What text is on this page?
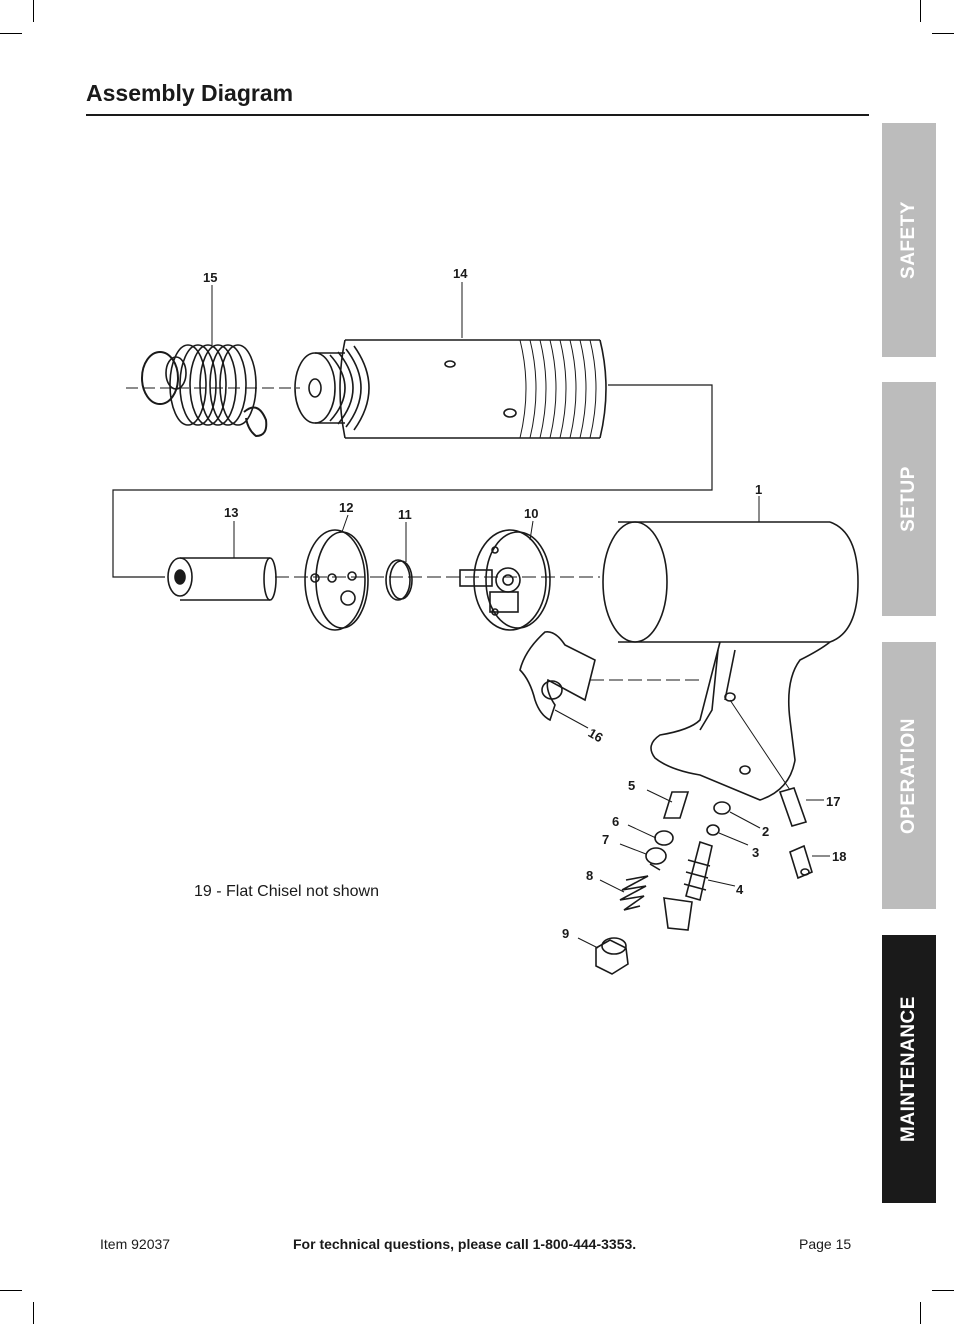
Assembly Diagram
SAFETY
SETUP
OPERATION
MAINTENANCE
15	14
1
13	12	11	10
16
5
6
7
8
9
2
3
4
17
18
19 - Flat Chisel not shown
Item 92037	For technical questions, please call 1-800-444-3353.	Page 15
